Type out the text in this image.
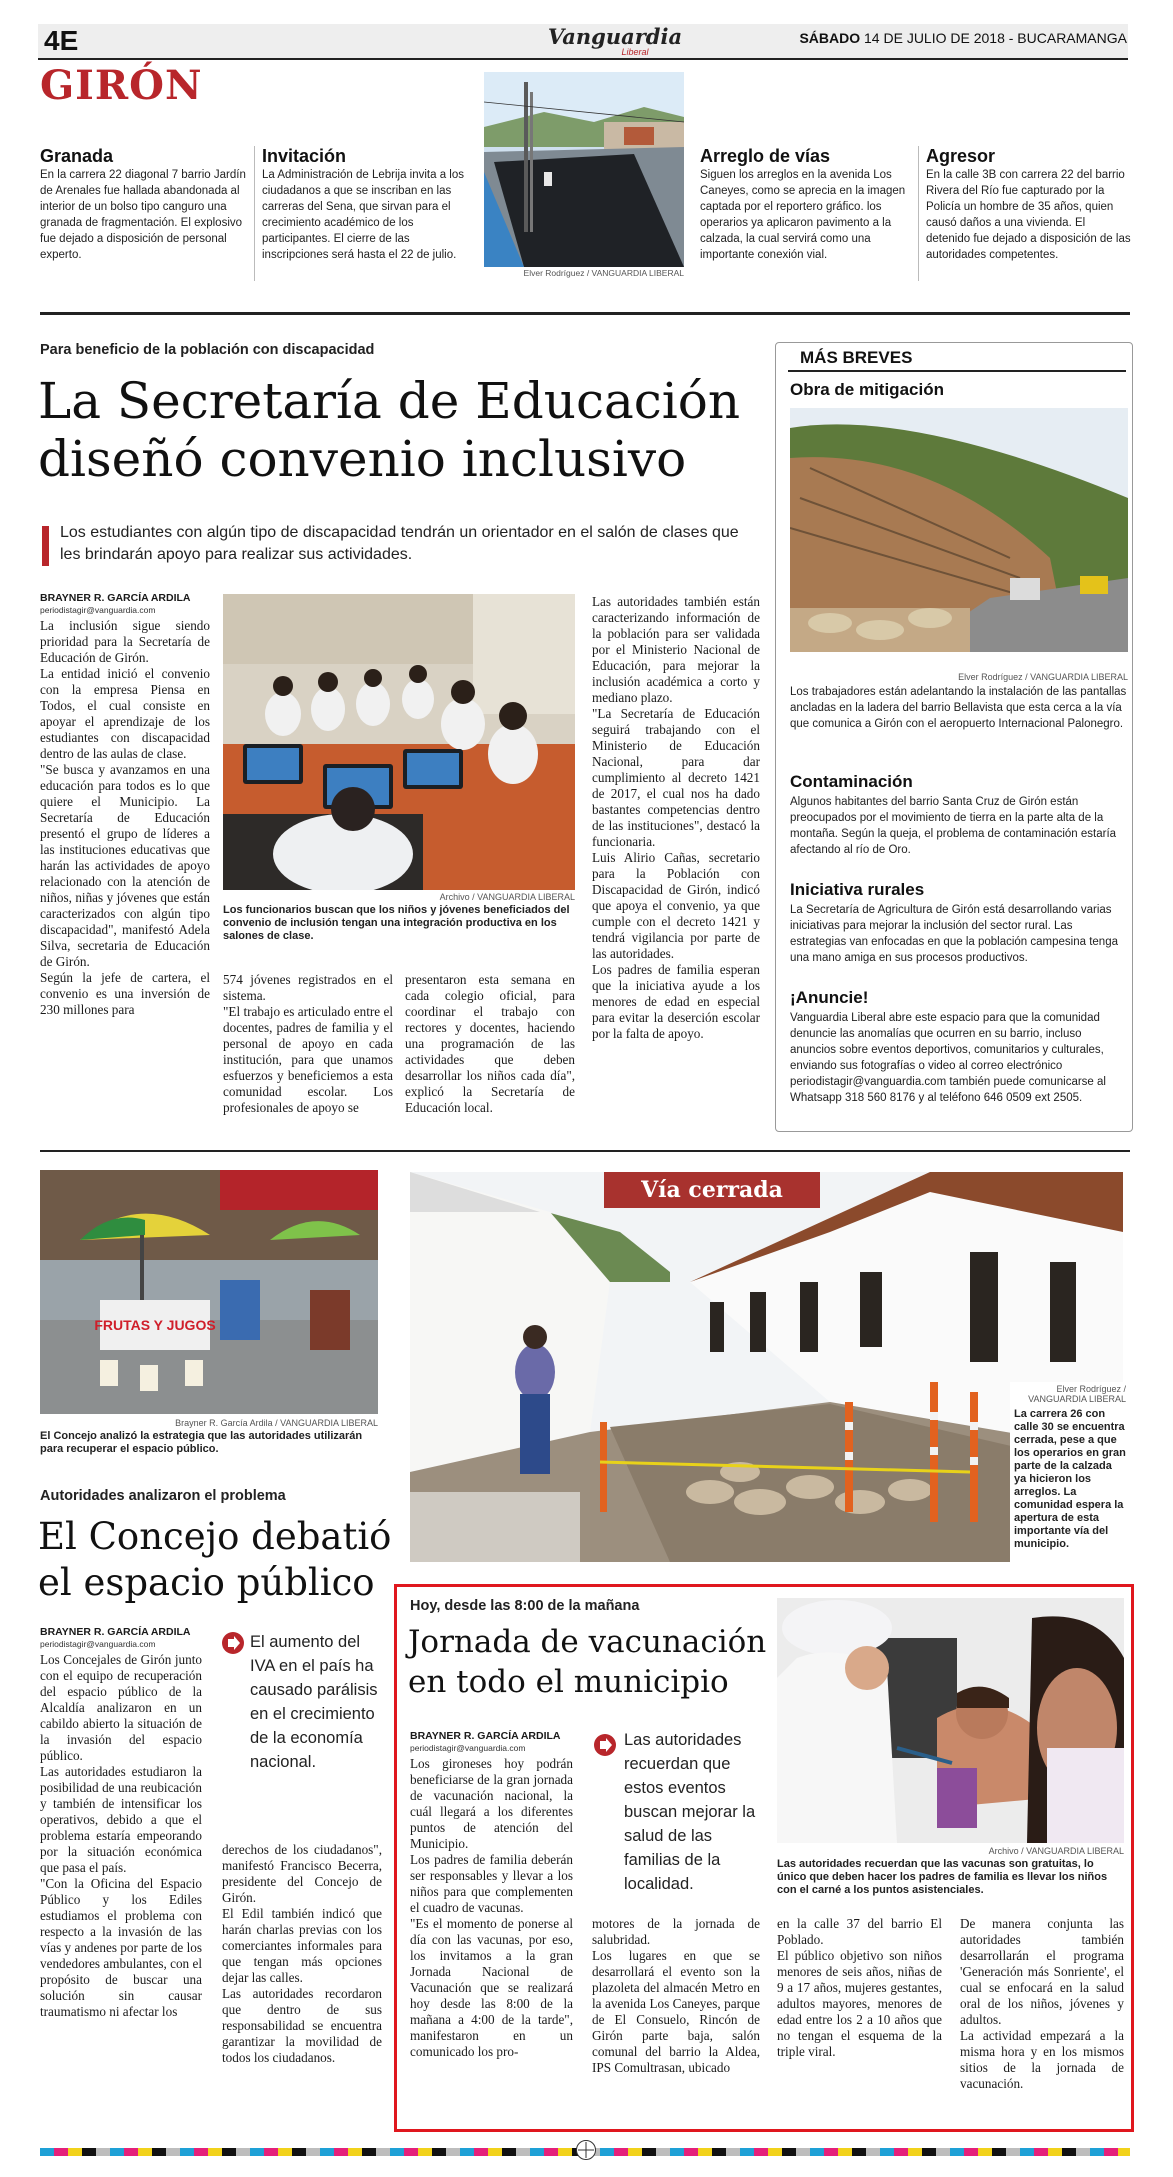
4E	Vanguardia
Liberal
SÁBADO 14 DE JULIO DE 2018 - BUCARAMANGA
GIRÓN
Granada
En la carrera 22 diagonal 7 barrio Jardín de Arenales fue hallada abandonada al interior de un bolso tipo canguro una granada de fragmentación. El explosivo fue dejado a disposición de personal experto.
Invitación
La Administración de Lebrija invita a los ciudadanos a que se inscriban en las carreras del Sena, que sirvan para el crecimiento académico de los participantes. El cierre de las inscripciones será hasta el 22 de julio.
Elver Rodríguez / VANGUARDIA LIBERAL
Arreglo de vías
Siguen los arreglos en la avenida Los Caneyes, como se aprecia en la imagen captada por el reportero gráfico. los operarios ya aplicaron pavimento a la calzada, la cual servirá como una importante conexión vial.
Agresor
En la calle 3B con carrera 22 del barrio Rivera del Río fue capturado por la Policía un hombre de 35 años, quien causó daños a una vivienda. El detenido fue dejado a disposición de las autoridades competentes.
Para beneficio de la población con discapacidad
La Secretaría de Educación
diseñó convenio inclusivo
Los estudiantes con algún tipo de discapacidad tendrán un orientador en el salón de clases que les brindarán apoyo para realizar sus actividades.
BRAYNER R. GARCÍA ARDILA
periodistagir@vanguardia.com
La inclusión sigue siendo prioridad para la Secretaría de Educación de Girón.
La entidad inició el convenio con la empresa Piensa en Todos, el cual consiste en apoyar el aprendizaje de los estudiantes con discapacidad dentro de las aulas de clase.
"Se busca y avanzamos en una educación para todos es lo que quiere el Municipio. La Secretaría de Educación presentó el grupo de líderes a las instituciones educativas que harán las actividades de apoyo relacionado con la atención de niños, niñas y jóvenes que están caracterizados con algún tipo discapacidad", manifestó Adela Silva, secretaria de Educación de Girón.
Según la jefe de cartera, el convenio es una inversión de 230 millones para
Archivo / VANGUARDIA LIBERAL
Los funcionarios buscan que los niños y jóvenes beneficiados del convenio de inclusión tengan una integración productiva en los salones de clase.
574 jóvenes registrados en el sistema.
"El trabajo es articulado entre el docentes, padres de familia y el personal de apoyo en cada institución, para que unamos esfuerzos y beneficiemos a esta comunidad escolar. Los profesionales de apoyo se
presentaron esta semana en cada colegio oficial, para coordinar el trabajo con rectores y docentes, haciendo una programación de las actividades que deben desarrollar los niños cada día", explicó la Secretaría de Educación local.
Las autoridades también están caracterizando información de la población para ser validada por el Ministerio Nacional de Educación, para mejorar la inclusión académica a corto y mediano plazo.
"La Secretaría de Educación seguirá trabajando con el Ministerio de Educación Nacional, para dar cumplimiento al decreto 1421 de 2017, el cual nos ha dado bastantes competencias dentro de las instituciones", destacó la funcionaria.
Luis Alirio Cañas, secretario para la Población con Discapacidad de Girón, indicó que apoya el convenio, ya que cumple con el decreto 1421 y tendrá vigilancia por parte de las autoridades.
Los padres de familia esperan que la iniciativa ayude a los menores de edad en especial para evitar la deserción escolar por la falta de apoyo.
MÁS BREVES
Obra de mitigación
Elver Rodríguez / VANGUARDIA LIBERAL
Los trabajadores están adelantando la instalación de las pantallas ancladas en la ladera del barrio Bellavista que esta cerca a la vía que comunica a Girón con el aeropuerto Internacional Palonegro.
Contaminación
Algunos habitantes del barrio Santa Cruz de Girón están preocupados por el movimiento de tierra en la parte alta de la montaña. Según la queja, el problema de contaminación estaría afectando al río de Oro.
Iniciativa rurales
La Secretaría de Agricultura de Girón está desarrollando varias iniciativas para mejorar la inclusión del sector rural. Las estrategias van enfocadas en que la población campesina tenga una mano amiga en sus procesos productivos.
¡Anuncie!
Vanguardia Liberal abre este espacio para que la comunidad denuncie las anomalías que ocurren en su barrio, incluso anuncios sobre eventos deportivos, comunitarios y culturales, enviando sus fotografías o video al correo electrónico periodistagir@vanguardia.com también puede comunicarse al Whatsapp 318 560 8176 y al teléfono 646 0509 ext 2505.
FRUTAS Y JUGOS
Brayner R. García Ardila / VANGUARDIA LIBERAL
El Concejo analizó la estrategia que las autoridades utilizarán para recuperar el espacio público.
Autoridades analizaron el problema
El Concejo debatió
el espacio público
BRAYNER R. GARCÍA ARDILA
periodistagir@vanguardia.com
Los Concejales de Girón junto con el equipo de recuperación del espacio público de la Alcaldía analizaron en un cabildo abierto la situación de la invasión del espacio público.
Las autoridades estudiaron la posibilidad de una reubicación y también de intensificar los operativos, debido a que el problema estaría empeorando por la situación económica que pasa el país.
"Con la Oficina del Espacio Público y los Ediles estudiamos el problema con respecto a la invasión de las vías y andenes por parte de los vendedores ambulantes, con el propósito de buscar una solución sin causar traumatismo ni afectar los
El aumento del IVA en el país ha causado parálisis en el crecimiento de la economía nacional.
derechos de los ciudadanos", manifestó Francisco Becerra, presidente del Concejo de Girón.
El Edil también indicó que harán charlas previas con los comerciantes informales para que tengan más opciones dejar las calles.
Las autoridades recordaron que dentro de sus responsabilidad se encuentra garantizar la movilidad de todos los ciudadanos.
Vía cerrada
Elver Rodríguez / VANGUARDIA LIBERAL
La carrera 26 con calle 30 se encuentra cerrada, pese a que los operarios en gran parte de la calzada ya hicieron los arreglos. La comunidad espera la apertura de esta importante vía del municipio.
Hoy, desde las 8:00 de la mañana
Jornada de vacunación
en todo el municipio
BRAYNER R. GARCÍA ARDILA
periodistagir@vanguardia.com
Los gironeses hoy podrán beneficiarse de la gran jornada de vacunación nacional, la cuál llegará a los diferentes puntos de atención del Municipio.
Los padres de familia deberán ser responsables y llevar a los niños para que complementen el cuadro de vacunas.
"Es el momento de ponerse al día con las vacunas, por eso, los invitamos a la gran Jornada Nacional de Vacunación que se realizará hoy desde las 8:00 de la mañana a 4:00 de la tarde", manifestaron en un comunicado los pro-
Las autoridades recuerdan que estos eventos buscan mejorar la salud de las familias de la localidad.
Archivo / VANGUARDIA LIBERAL
Las autoridades recuerdan que las vacunas son gratuitas, lo único que deben hacer los padres de familia es llevar los niños con el carné a los puntos asistenciales.
motores de la jornada de salubridad.
Los lugares en que se desarrollará el evento son la plazoleta del almacén Metro en la avenida Los Caneyes, parque de El Consuelo, Rincón de Girón parte baja, salón comunal del barrio la Aldea, IPS Comultrasan, ubicado
en la calle 37 del barrio El Poblado.
El público objetivo son niños menores de seis años, niñas de 9 a 17 años, mujeres gestantes, adultos mayores, menores de edad entre los 2 a 10 años que no tengan el esquema de la triple viral.
De manera conjunta las autoridades también desarrollarán el programa 'Generación más Sonriente', el cual se enfocará en la salud oral de los niños, jóvenes y adultos.
La actividad empezará a la misma hora y en los mismos sitios de la jornada de vacunación.
